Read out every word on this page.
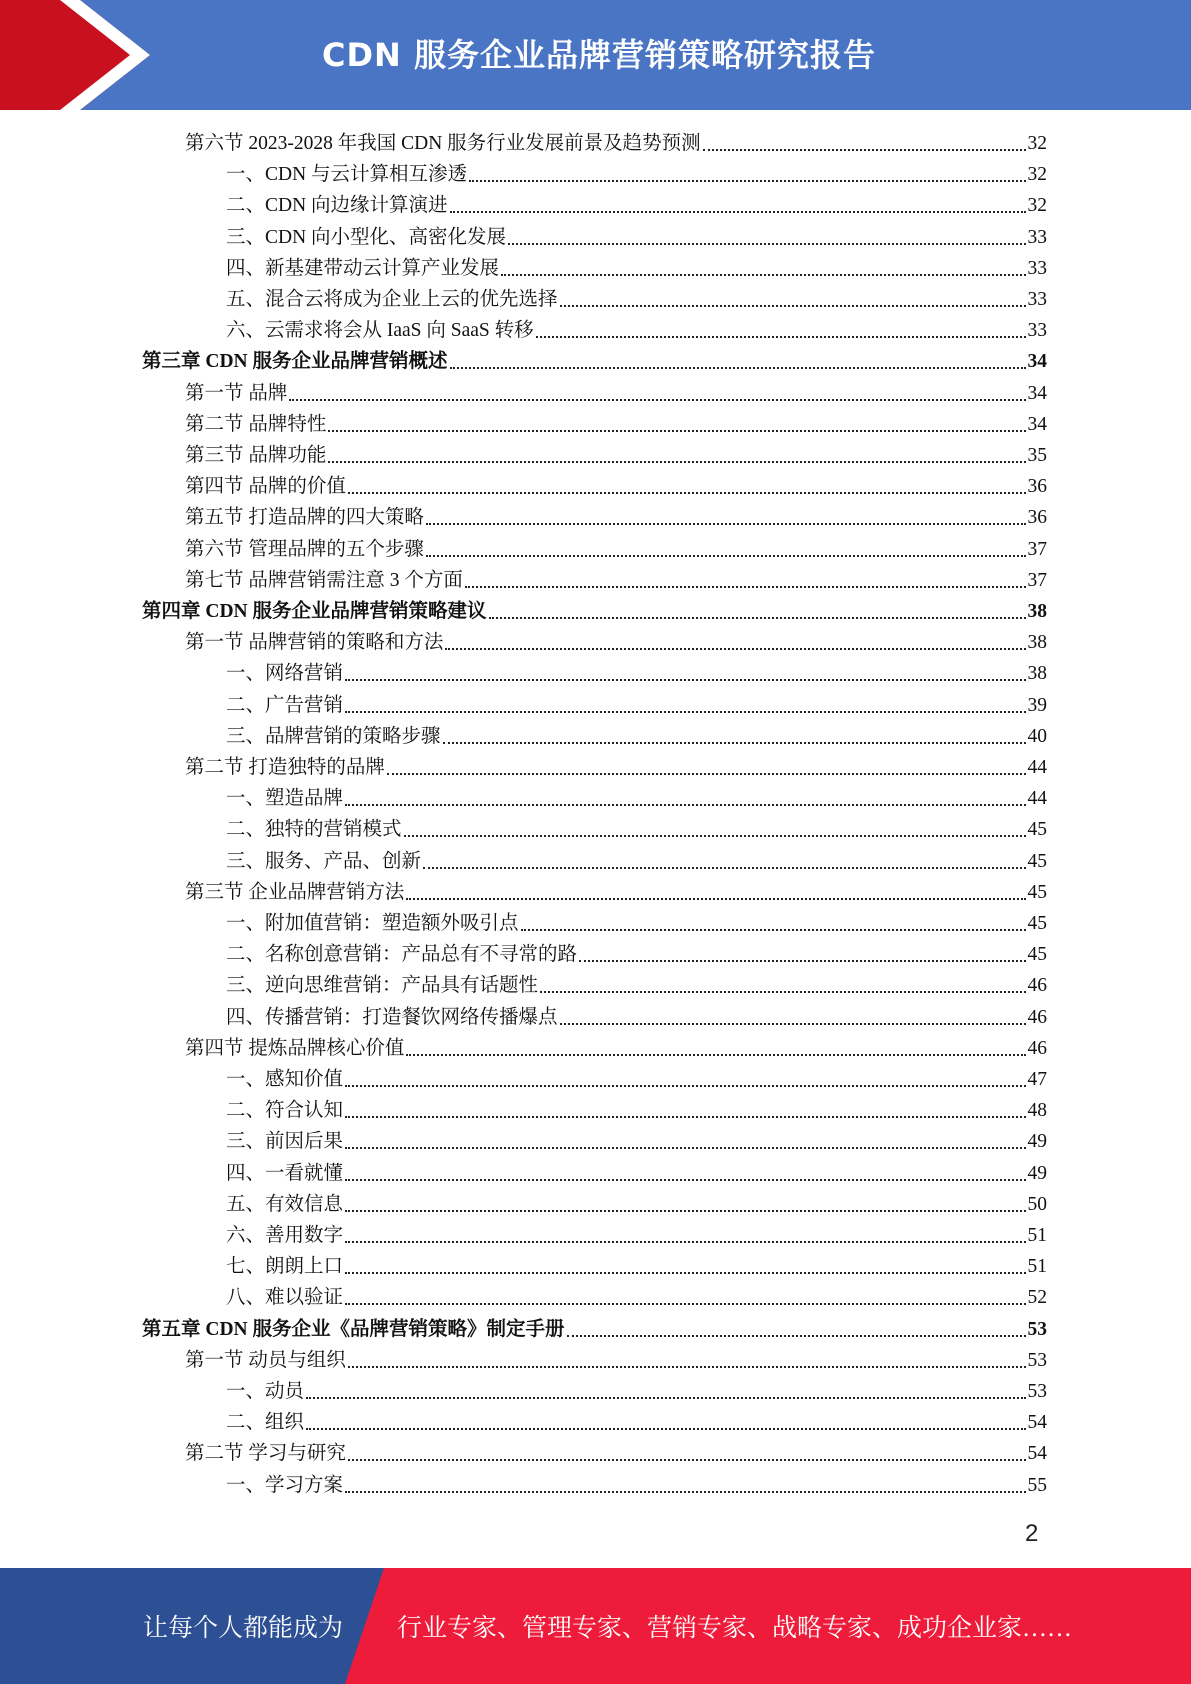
CDN 服务企业品牌营销策略研究报告
第六节 2023-2028 年我国 CDN 服务行业发展前景及趋势预测	32
一、CDN 与云计算相互渗透	32
二、CDN 向边缘计算演进	32
三、CDN 向小型化、高密化发展	33
四、新基建带动云计算产业发展	33
五、混合云将成为企业上云的优先选择	33
六、云需求将会从 IaaS 向 SaaS 转移	33
第三章 CDN 服务企业品牌营销概述	34
第一节 品牌	34
第二节 品牌特性	34
第三节 品牌功能	35
第四节 品牌的价值	36
第五节 打造品牌的四大策略	36
第六节 管理品牌的五个步骤	37
第七节 品牌营销需注意 3 个方面	37
第四章 CDN 服务企业品牌营销策略建议	38
第一节 品牌营销的策略和方法	38
一、网络营销	38
二、广告营销	39
三、品牌营销的策略步骤	40
第二节 打造独特的品牌	44
一、塑造品牌	44
二、独特的营销模式	45
三、服务、产品、创新	45
第三节 企业品牌营销方法	45
一、附加值营销：塑造额外吸引点	45
二、名称创意营销：产品总有不寻常的路	45
三、逆向思维营销：产品具有话题性	46
四、传播营销：打造餐饮网络传播爆点	46
第四节 提炼品牌核心价值	46
一、感知价值	47
二、符合认知	48
三、前因后果	49
四、一看就懂	49
五、有效信息	50
六、善用数字	51
七、朗朗上口	51
八、难以验证	52
第五章 CDN 服务企业《品牌营销策略》制定手册	53
第一节 动员与组织	53
一、动员	53
二、组织	54
第二节 学习与研究	54
一、学习方案	55
2
让每个人都能成为 行业专家、管理专家、营销专家、战略专家、成功企业家……
